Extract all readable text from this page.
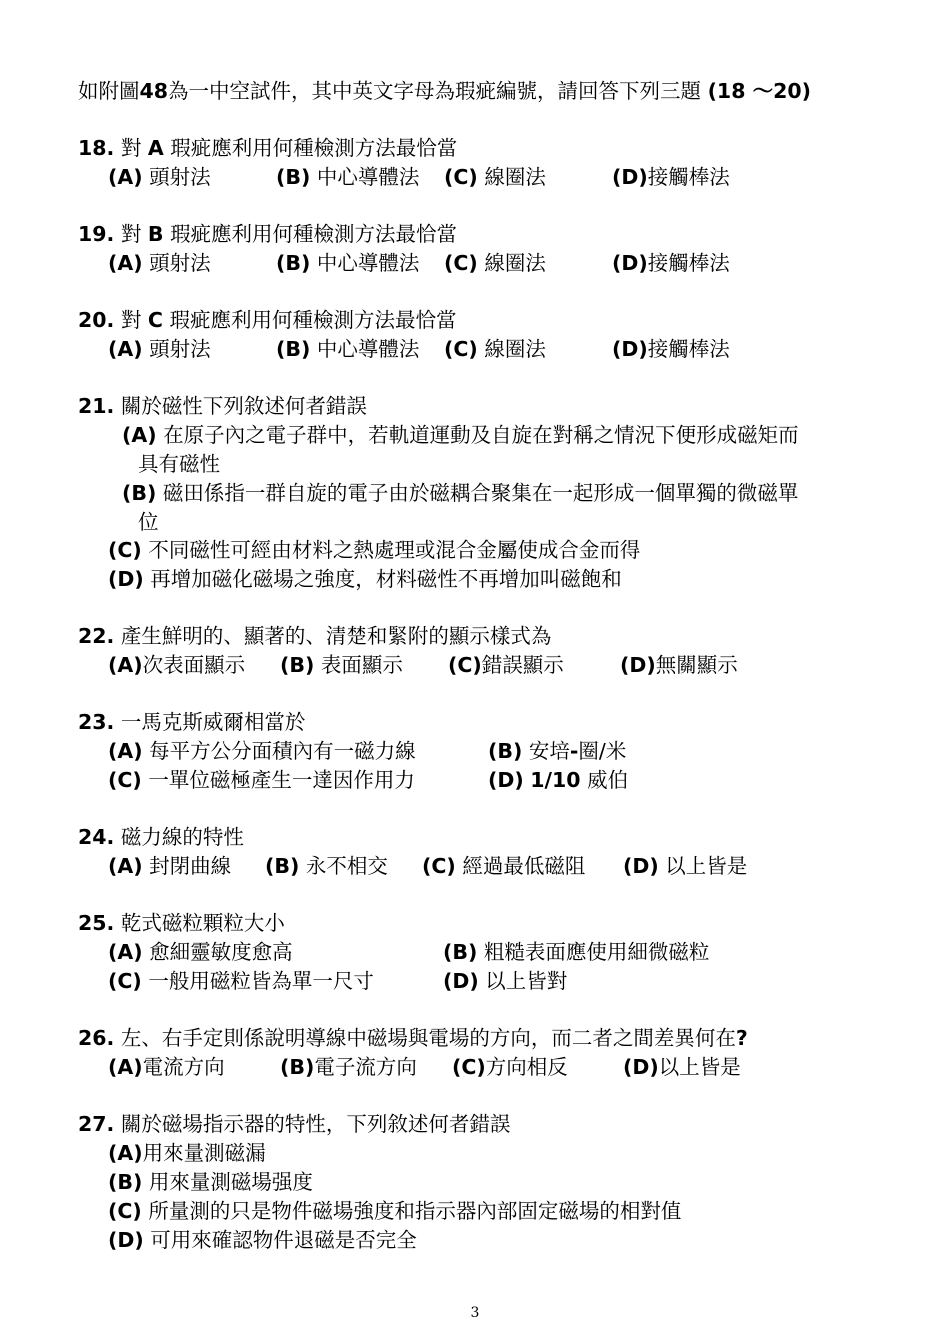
如附圖48為一中空試件，其中英文字母為瑕疵編號，請回答下列三題 (18 ～20)
18. 對 A 瑕疵應利用何種檢測方法最恰當
(A) 頭射法	(B) 中心導體法 (C) 線圈法	(D)接觸棒法
19. 對 B 瑕疵應利用何種檢測方法最恰當
(A) 頭射法	(B) 中心導體法 (C) 線圈法	(D)接觸棒法
20. 對 C 瑕疵應利用何種檢測方法最恰當
(A) 頭射法	(B) 中心導體法 (C) 線圈法	(D)接觸棒法
21. 關於磁性下列敘述何者錯誤
(A) 在原子內之電子群中，若軌道運動及自旋在對稱之情況下便形成磁矩而
具有磁性
(B) 磁田係指一群自旋的電子由於磁耦合聚集在一起形成一個單獨的微磁單
位
(C) 不同磁性可經由材料之熱處理或混合金屬使成合金而得
(D) 再增加磁化磁場之強度，材料磁性不再增加叫磁飽和
22. 產生鮮明的、顯著的、清楚和緊附的顯示樣式為
(A)次表面顯示 (B) 表面顯示 (C)錯誤顯示	(D)無關顯示
23. 一馬克斯威爾相當於
(A) 每平方公分面積內有一磁力線	(B) 安培-圈/米
(C) 一單位磁極產生一達因作用力	(D) 1/10 威伯
24. 磁力線的特性
(A) 封閉曲線 (B) 永不相交 (C) 經過最低磁阻 (D) 以上皆是
25. 乾式磁粒顆粒大小
(A) 愈細靈敏度愈高	(B) 粗糙表面應使用細微磁粒
(C) 一般用磁粒皆為單一尺寸	(D) 以上皆對
26. 左、右手定則係說明導線中磁場與電場的方向，而二者之間差異何在?
(A)電流方向	(B)電子流方向 (C)方向相反	(D)以上皆是
27. 關於磁場指示器的特性，下列敘述何者錯誤
(A)用來量測磁漏
(B) 用來量測磁場强度
(C) 所量測的只是物件磁場強度和指示器內部固定磁場的相對值
(D) 可用來確認物件退磁是否完全
3
